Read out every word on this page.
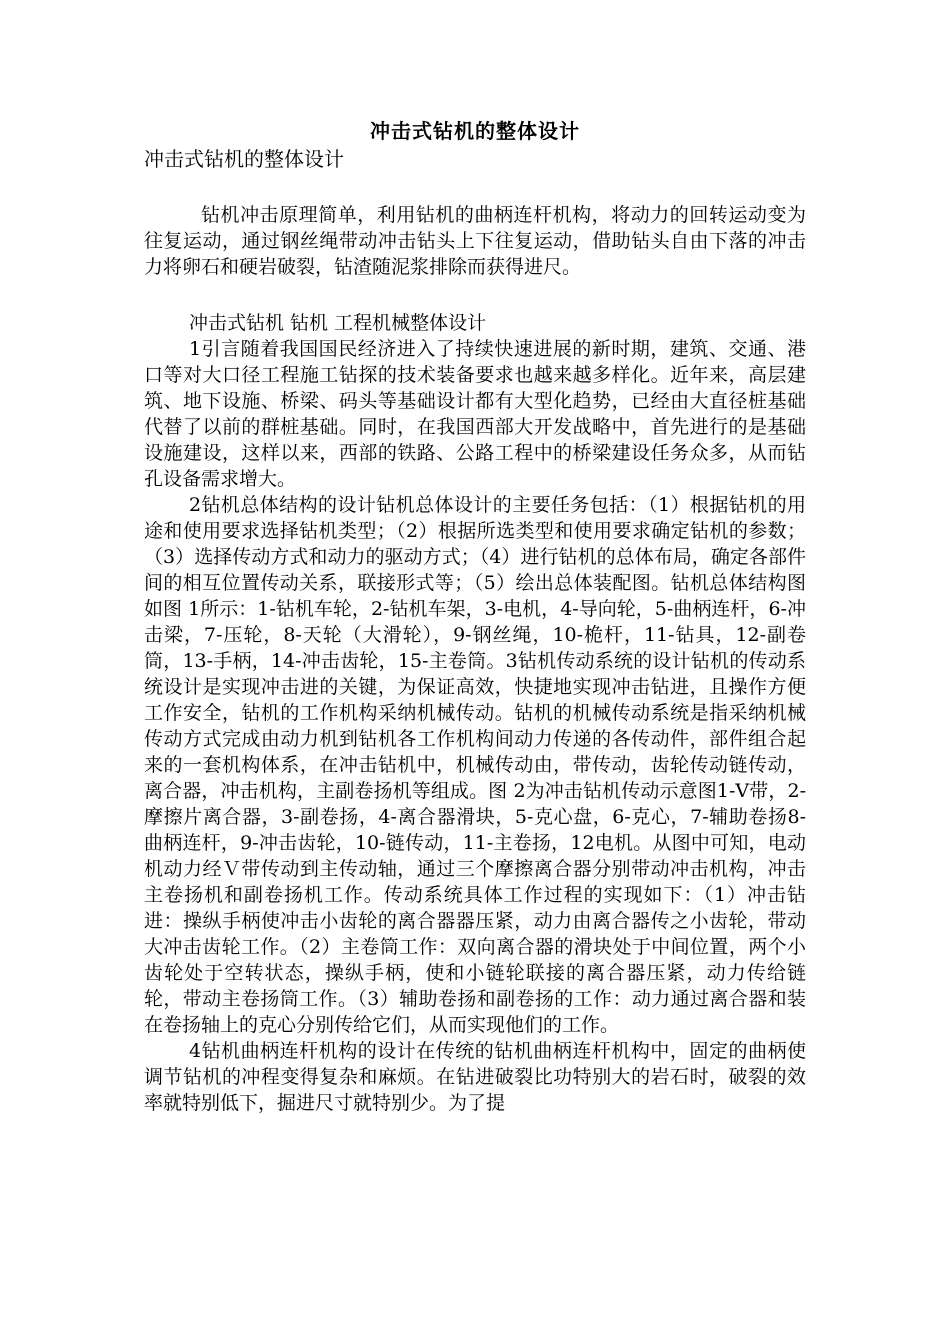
冲击式钻机的整体设计

冲击式钻机的整体设计

钻机冲击原理简单，利用钻机的曲柄连杆机构，将动力的回转运动变为往复运动，通过钢丝绳带动冲击钻头上下往复运动，借助钻头自由下落的冲击力将卵石和硬岩破裂，钻渣随泥浆排除而获得进尺。

冲击式钻机 钻机 工程机械整体设计

1引言随着我国国民经济进入了持续快速进展的新时期，建筑、交通、港口等对大口径工程施工钻探的技术装备要求也越来越多样化。近年来，高层建筑、地下设施、桥梁、码头等基础设计都有大型化趋势，已经由大直径桩基础代替了以前的群桩基础。同时，在我国西部大开发战略中，首先进行的是基础设施建设，这样以来，西部的铁路、公路工程中的桥梁建设任务众多，从而钻孔设备需求增大。

2钻机总体结构的设计钻机总体设计的主要任务包括：（1）根据钻机的用途和使用要求选择钻机类型；（2）根据所选类型和使用要求确定钻机的参数；（3）选择传动方式和动力的驱动方式；（4）进行钻机的总体布局，确定各部件间的相互位置传动关系，联接形式等；（5）绘出总体装配图。钻机总体结构图如图 1所示：1-钻机车轮，2-钻机车架，3-电机，4-导向轮，5-曲柄连杆，6-冲击梁，7-压轮，8-天轮（大滑轮），9-钢丝绳，10-桅杆，11-钻具，12-副卷筒，13-手柄，14-冲击齿轮，15-主卷筒。3钻机传动系统的设计钻机的传动系统设计是实现冲击进的关键，为保证高效，快捷地实现冲击钻进，且操作方便工作安全，钻机的工作机构采纳机械传动。钻机的机械传动系统是指采纳机械传动方式完成由动力机到钻机各工作机构间动力传递的各传动件，部件组合起来的一套机构体系，在冲击钻机中，机械传动由，带传动，齿轮传动链传动，离合器，冲击机构，主副卷扬机等组成。图 2为冲击钻机传动示意图1-V带，2-摩擦片离合器，3-副卷扬，4-离合器滑块，5-克心盘，6-克心，7-辅助卷扬8-曲柄连杆，9-冲击齿轮，10-链传动，11-主卷扬，12电机。从图中可知，电动机动力经Ｖ带传动到主传动轴，通过三个摩擦离合器分别带动冲击机构，冲击主卷扬机和副卷扬机工作。传动系统具体工作过程的实现如下：（1）冲击钻进：操纵手柄使冲击小齿轮的离合器器压紧，动力由离合器传之小齿轮，带动大冲击齿轮工作。（2）主卷筒工作：双向离合器的滑块处于中间位置，两个小齿轮处于空转状态，操纵手柄，使和小链轮联接的离合器压紧，动力传给链轮，带动主卷扬筒工作。（3）辅助卷扬和副卷扬的工作：动力通过离合器和装在卷扬轴上的克心分别传给它们，从而实现他们的工作。

4钻机曲柄连杆机构的设计在传统的钻机曲柄连杆机构中，固定的曲柄使调节钻机的冲程变得复杂和麻烦。在钻进破裂比功特别大的岩石时，破裂的效率就特别低下，掘进尺寸就特别少。为了提
